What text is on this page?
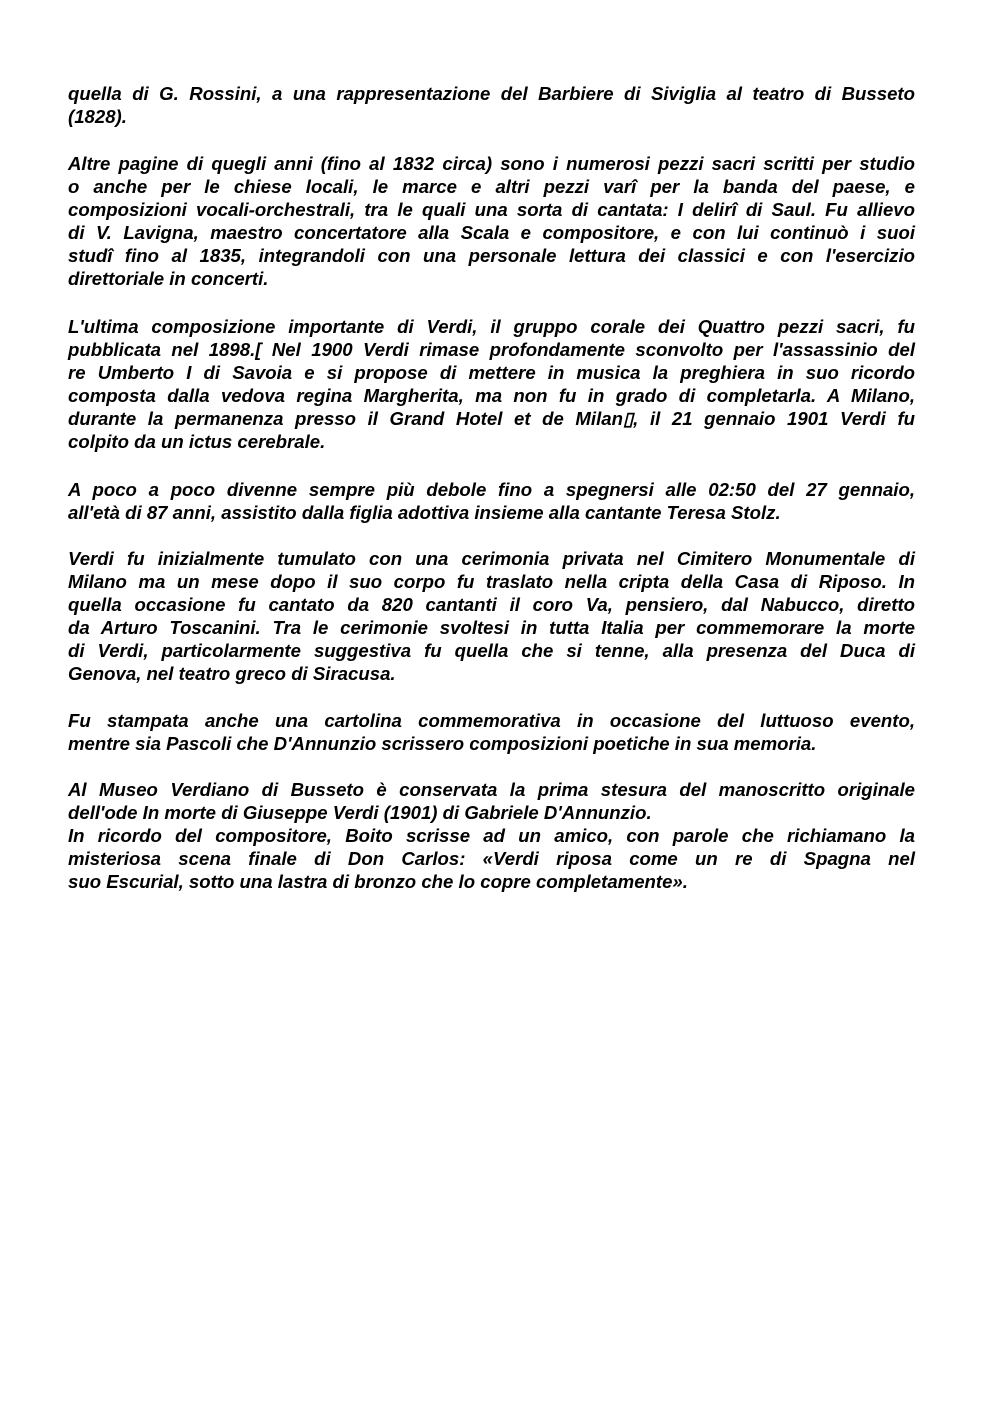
quella di G. Rossini, a una rappresentazione del Barbiere di Siviglia al teatro di Busseto
(1828).
Altre pagine di quegli anni (fino al 1832 circa) sono i numerosi pezzi sacri scritti per studio
o anche per le chiese locali, le marce e altri pezzi varî per la banda del paese, e
composizioni vocali-orchestrali, tra le quali una sorta di cantata: I delirî di Saul. Fu allievo
di V. Lavigna, maestro concertatore alla Scala e compositore, e con lui continuò i suoi
studî fino al 1835, integrandoli con una personale lettura dei classici e con l'esercizio
direttoriale in concerti.
L'ultima composizione importante di Verdi, il gruppo corale dei Quattro pezzi sacri, fu
pubblicata nel 1898.[ Nel 1900 Verdi rimase profondamente sconvolto per l'assassinio del
re Umberto I di Savoia e si propose di mettere in musica la preghiera in suo ricordo
composta dalla vedova regina Margherita, ma non fu in grado di completarla. A Milano,
durante la permanenza presso il Grand Hotel et de Milan▯, il 21 gennaio 1901 Verdi fu
colpito da un ictus cerebrale.
A poco a poco divenne sempre più debole fino a spegnersi alle 02:50 del 27 gennaio,
all'età di 87 anni, assistito dalla figlia adottiva insieme alla cantante Teresa Stolz.
Verdi fu inizialmente tumulato con una cerimonia privata nel Cimitero Monumentale di
Milano ma un mese dopo il suo corpo fu traslato nella cripta della Casa di Riposo. In
quella occasione fu cantato da 820 cantanti il coro Va, pensiero, dal Nabucco, diretto
da Arturo Toscanini. Tra le cerimonie svoltesi in tutta Italia per commemorare la morte
di Verdi, particolarmente suggestiva fu quella che si tenne, alla presenza del Duca di
Genova, nel teatro greco di Siracusa.
Fu stampata anche una cartolina commemorativa in occasione del luttuoso evento,
mentre sia Pascoli che D'Annunzio scrissero composizioni poetiche in sua memoria.
Al Museo Verdiano di Busseto è conservata la prima stesura del manoscritto originale
dell'ode In morte di Giuseppe Verdi (1901) di Gabriele D'Annunzio.
In ricordo del compositore, Boito scrisse ad un amico, con parole che richiamano la
misteriosa scena finale di Don Carlos: «Verdi riposa come un re di Spagna nel
suo Escurial, sotto una lastra di bronzo che lo copre completamente».
